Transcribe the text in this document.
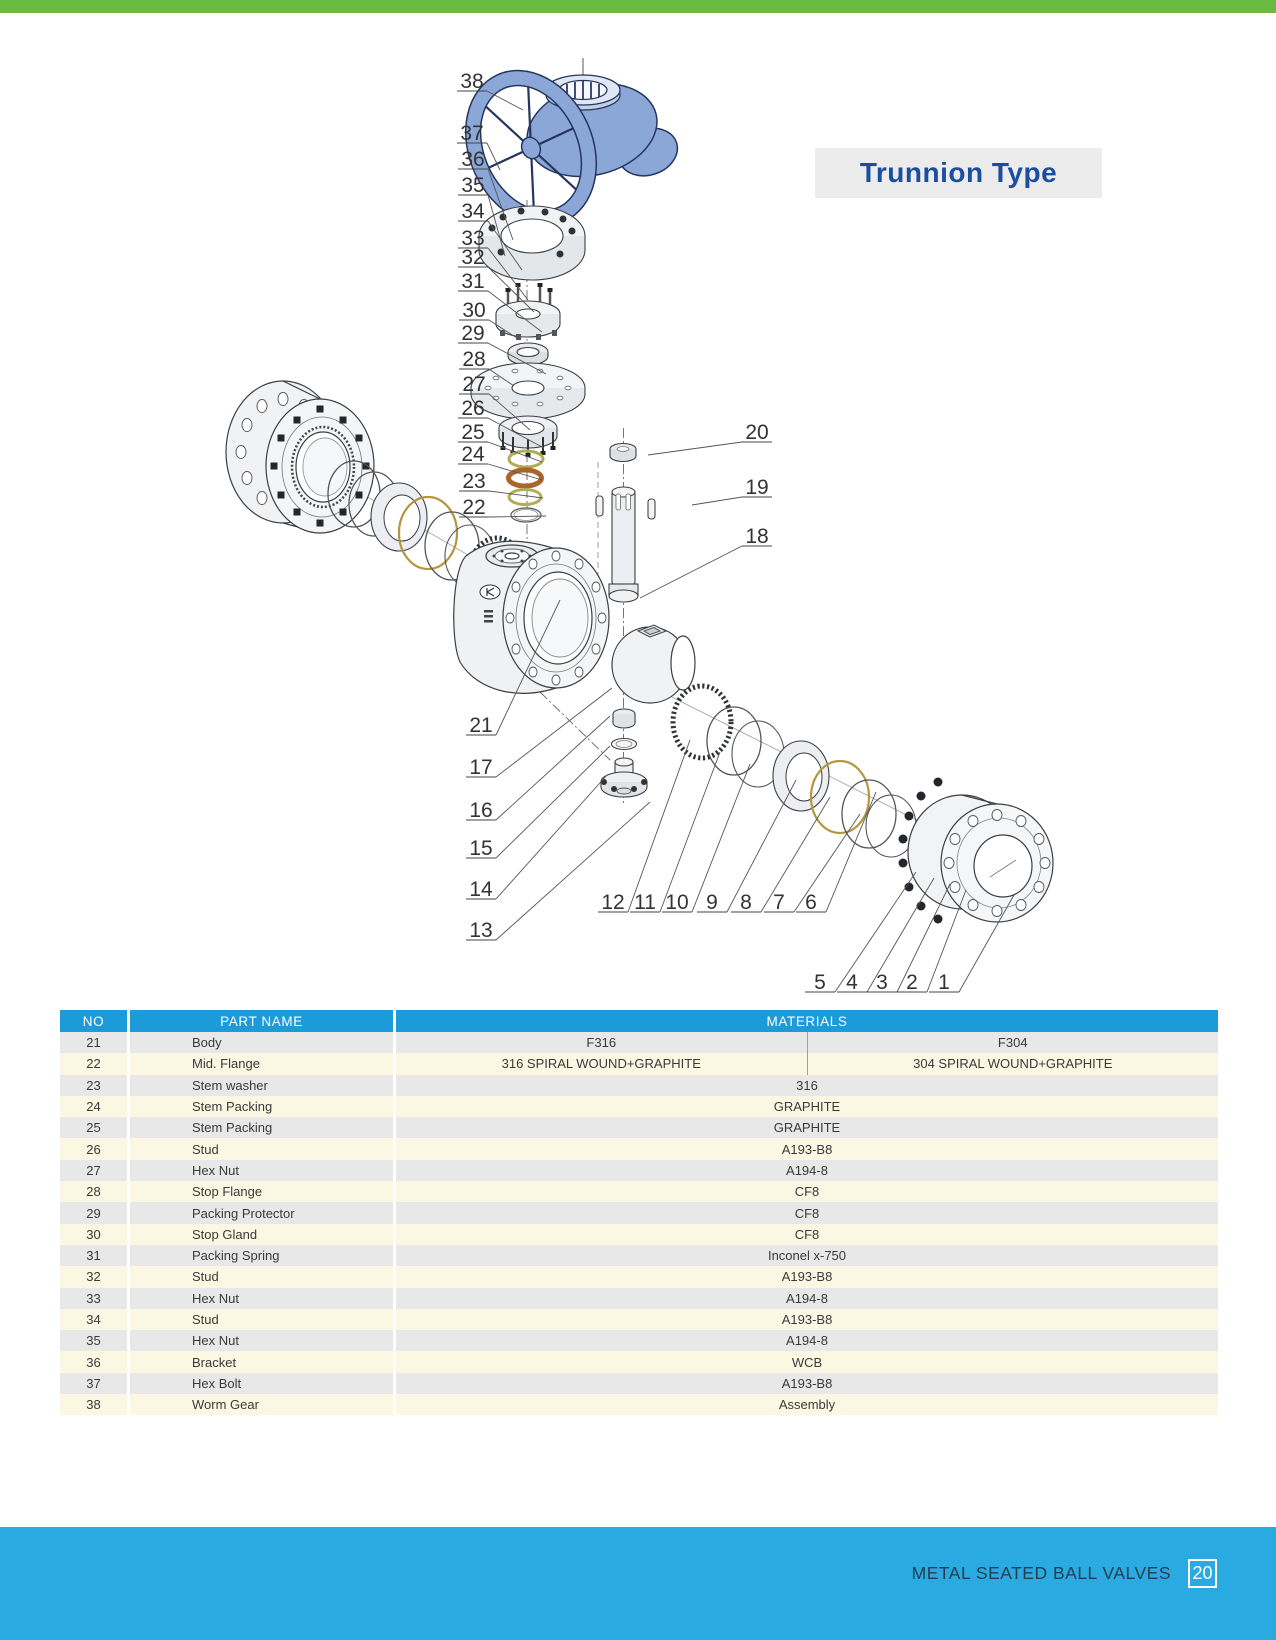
Trunnion Type
38
37
36
35
34
33
32
31
30
29
28
27
26
25
24
23
22
21
20
19
18
17
16
15
14
13
12 11 10 9 8 7 6
5 4 3 2 1
NO	PART NAME	MATERIALS
21	Body	F316	F304
22	Mid. Flange	316 SPIRAL WOUND+GRAPHITE	304 SPIRAL WOUND+GRAPHITE
23	Stem washer	316
24	Stem Packing	GRAPHITE
25	Stem Packing	GRAPHITE
26	Stud	A193-B8
27	Hex Nut	A194-8
28	Stop Flange	CF8
29	Packing Protector	CF8
30	Stop Gland	CF8
31	Packing Spring	Inconel x-750
32	Stud	A193-B8
33	Hex Nut	A194-8
34	Stud	A193-B8
35	Hex Nut	A194-8
36	Bracket	WCB
37	Hex Bolt	A193-B8
38	Worm Gear	Assembly
METAL SEATED BALL VALVES 20
